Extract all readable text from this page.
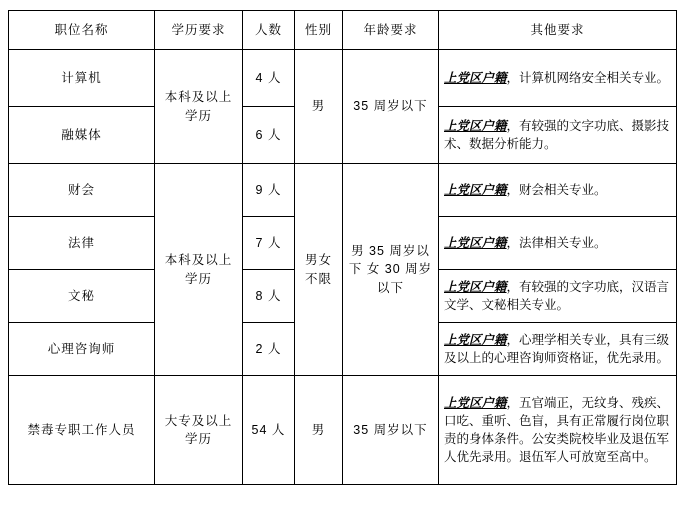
职位名称	学历要求	人数	性别	年龄要求	其他要求
计算机	本科及以上学历	4 人	男	35 周岁以下	上党区户籍，计算机网络安全相关专业。
融媒体		6 人			上党区户籍，有较强的文字功底、摄影技术、数据分析能力。
财会	本科及以上学历	9 人	男女不限	男 35 周岁以下 女 30 周岁以下	上党区户籍，财会相关专业。
法律		7 人			上党区户籍，法律相关专业。
文秘		8 人			上党区户籍，有较强的文字功底，汉语言文学、文秘相关专业。
心理咨询师		2 人			上党区户籍，心理学相关专业，具有三级及以上的心理咨询师资格证，优先录用。
禁毒专职工作人员	大专及以上学历	54 人	男	35 周岁以下	上党区户籍，五官端正，无纹身、残疾、口吃、重听、色盲，具有正常履行岗位职责的身体条件。公安类院校毕业及退伍军人优先录用。退伍军人可放宽至高中。
